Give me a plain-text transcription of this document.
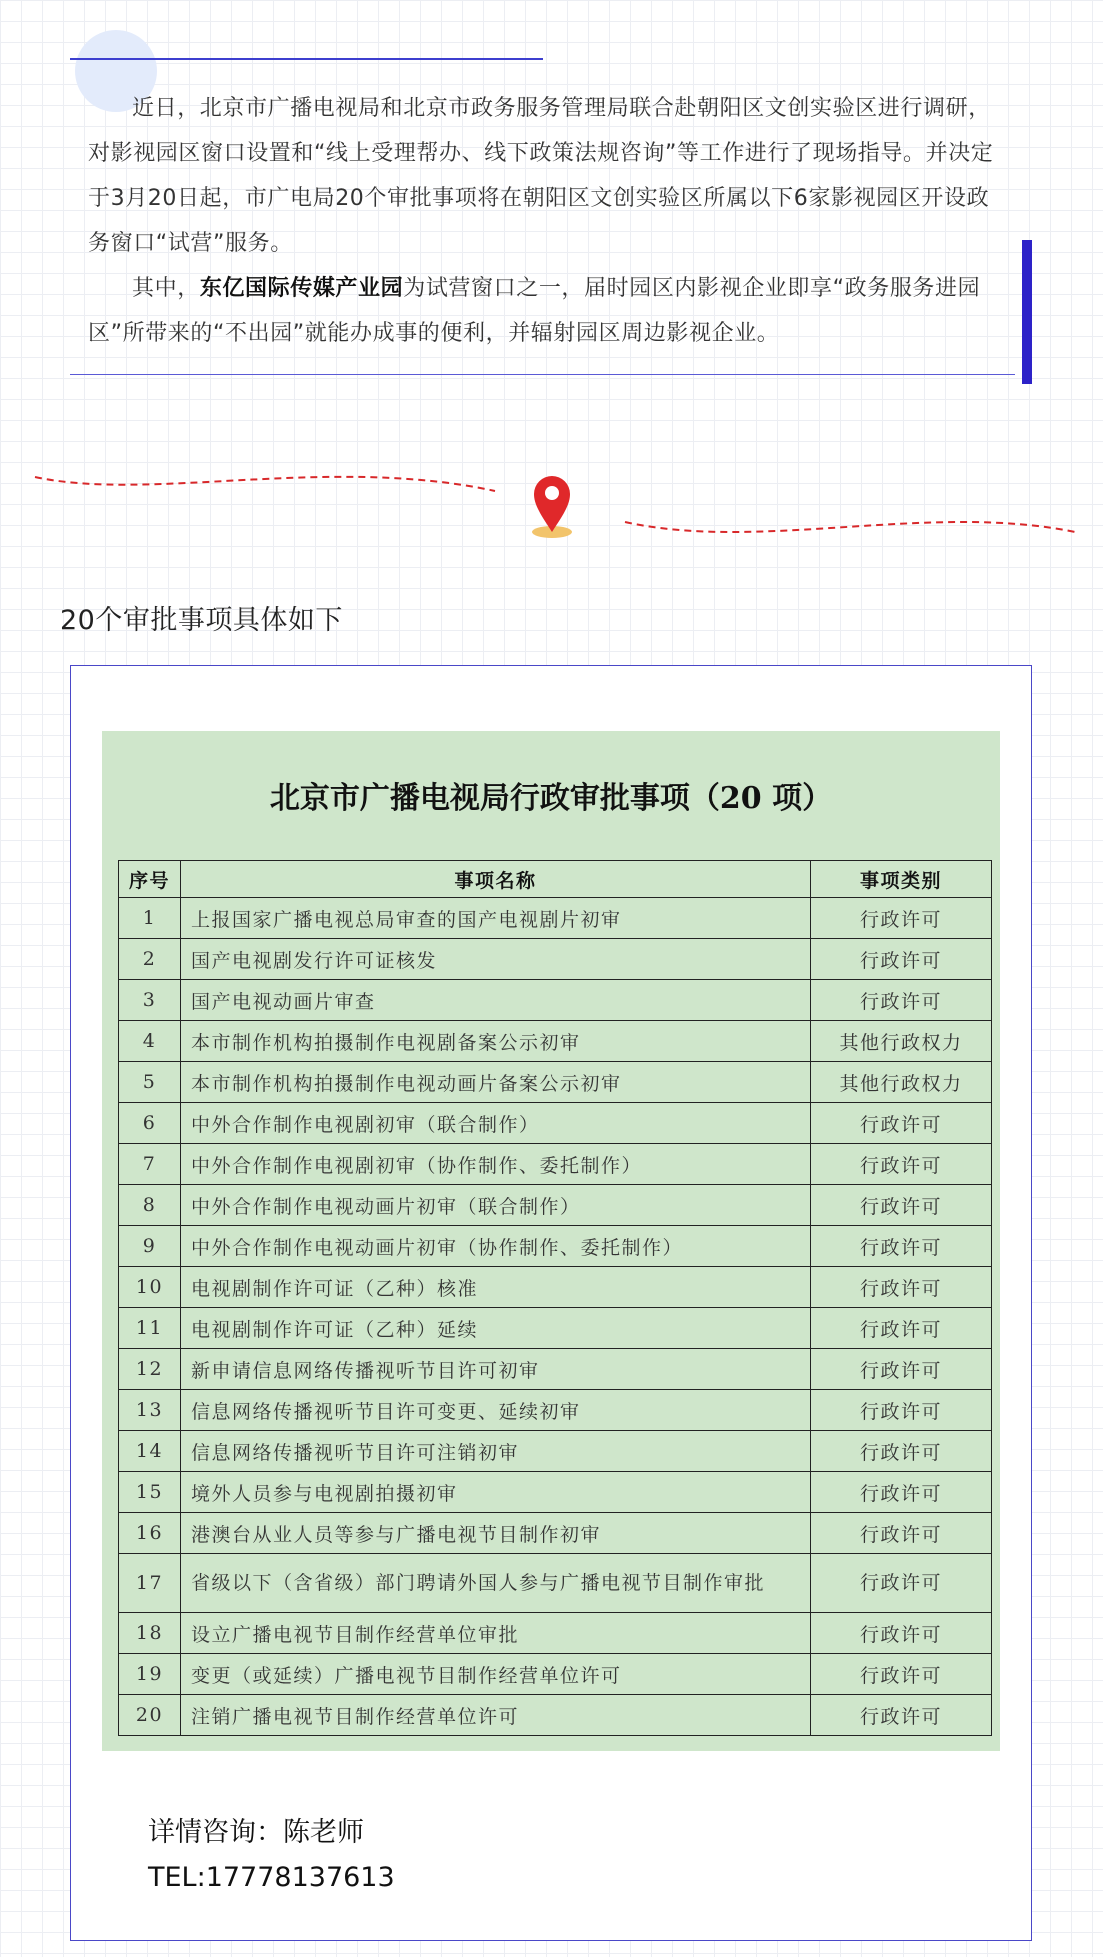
近日，北京市广播电视局和北京市政务服务管理局联合赴朝阳区文创实验区进行调研，对影视园区窗口设置和“线上受理帮办、线下政策法规咨询”等工作进行了现场指导。并决定于3月20日起，市广电局20个审批事项将在朝阳区文创实验区所属以下6家影视园区开设政务窗口“试营”服务。

其中，东亿国际传媒产业园为试营窗口之一，届时园区内影视企业即享“政务服务进园区”所带来的“不出园”就能办成事的便利，并辐射园区周边影视企业。

20个审批事项具体如下
北京市广播电视局行政审批事项（20 项）
序号	事项名称	事项类别
1	上报国家广播电视总局审查的国产电视剧片初审	行政许可
2	国产电视剧发行许可证核发	行政许可
3	国产电视动画片审查	行政许可
4	本市制作机构拍摄制作电视剧备案公示初审	其他行政权力
5	本市制作机构拍摄制作电视动画片备案公示初审	其他行政权力
6	中外合作制作电视剧初审（联合制作）	行政许可
7	中外合作制作电视剧初审（协作制作、委托制作）	行政许可
8	中外合作制作电视动画片初审（联合制作）	行政许可
9	中外合作制作电视动画片初审（协作制作、委托制作）	行政许可
10	电视剧制作许可证（乙种）核准	行政许可
11	电视剧制作许可证（乙种）延续	行政许可
12	新申请信息网络传播视听节目许可初审	行政许可
13	信息网络传播视听节目许可变更、延续初审	行政许可
14	信息网络传播视听节目许可注销初审	行政许可
15	境外人员参与电视剧拍摄初审	行政许可
16	港澳台从业人员等参与广播电视节目制作初审	行政许可
17	省级以下（含省级）部门聘请外国人参与广播电视节目制作审批	行政许可
18	设立广播电视节目制作经营单位审批	行政许可
19	变更（或延续）广播电视节目制作经营单位许可	行政许可
20	注销广播电视节目制作经营单位许可	行政许可
详情咨询：陈老师
TEL:17778137613
